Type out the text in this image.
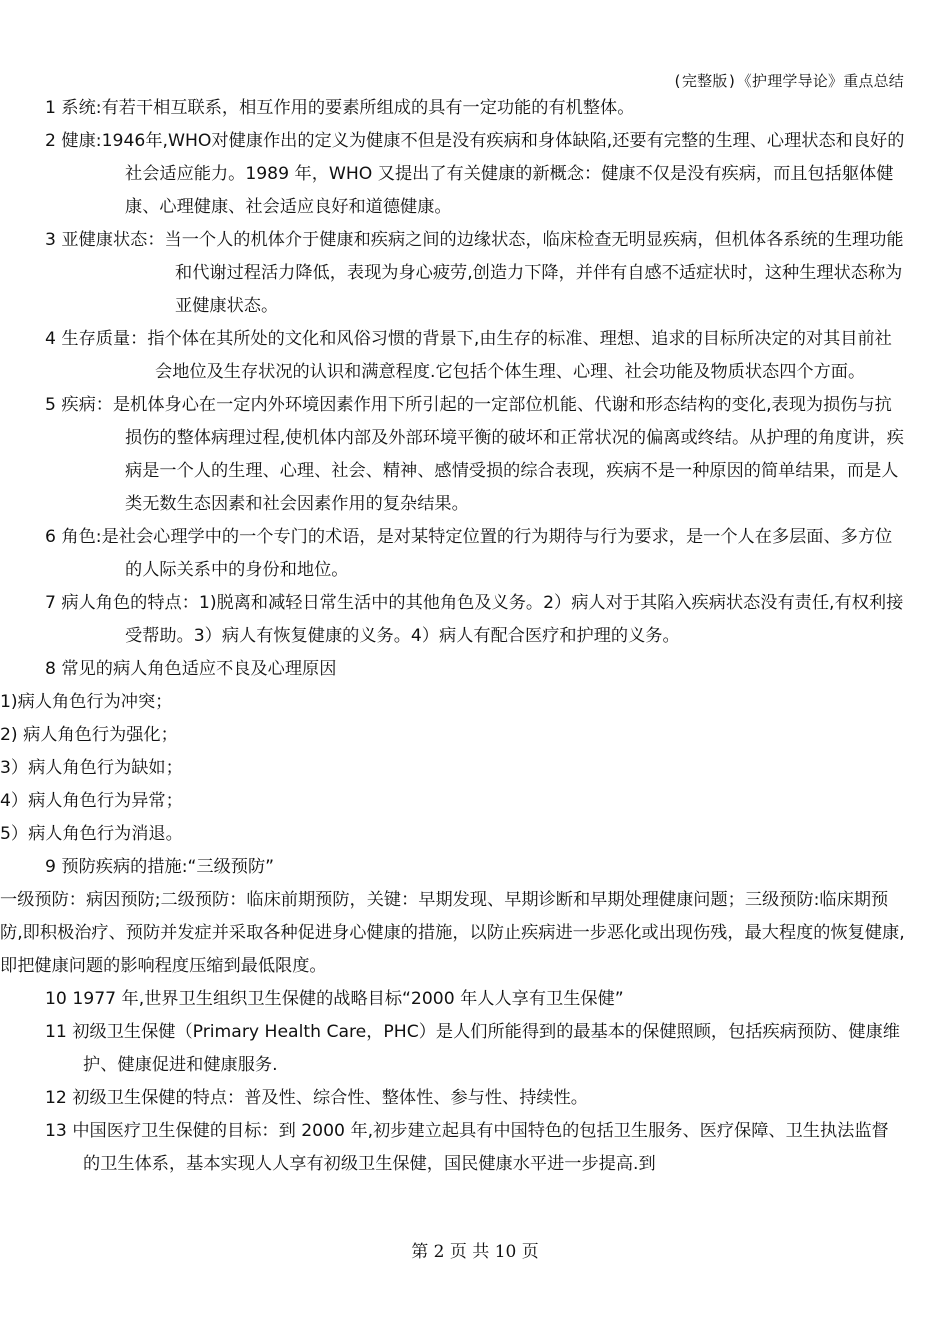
(完整版)《护理学导论》重点总结

1 系统:有若干相互联系，相互作用的要素所组成的具有一定功能的有机整体。

2 健康:1946年,WHO对健康作出的定义为健康不但是没有疾病和身体缺陷,还要有完整的生理、心理状态和良好的社会适应能力。1989 年，WHO 又提出了有关健康的新概念：健康不仅是没有疾病，而且包括躯体健康、心理健康、社会适应良好和道德健康。

3 亚健康状态：当一个人的机体介于健康和疾病之间的边缘状态，临床检查无明显疾病，但机体各系统的生理功能和代谢过程活力降低，表现为身心疲劳,创造力下降，并伴有自感不适症状时，这种生理状态称为亚健康状态。

4 生存质量：指个体在其所处的文化和风俗习惯的背景下,由生存的标准、理想、追求的目标所决定的对其目前社会地位及生存状况的认识和满意程度.它包括个体生理、心理、社会功能及物质状态四个方面。

5 疾病：是机体身心在一定内外环境因素作用下所引起的一定部位机能、代谢和形态结构的变化,表现为损伤与抗损伤的整体病理过程,使机体内部及外部环境平衡的破坏和正常状况的偏离或终结。从护理的角度讲，疾病是一个人的生理、心理、社会、精神、感情受损的综合表现，疾病不是一种原因的简单结果，而是人类无数生态因素和社会因素作用的复杂结果。

6 角色:是社会心理学中的一个专门的术语，是对某特定位置的行为期待与行为要求，是一个人在多层面、多方位的人际关系中的身份和地位。

7 病人角色的特点：1)脱离和减轻日常生活中的其他角色及义务。2）病人对于其陷入疾病状态没有责任,有权利接受帮助。3）病人有恢复健康的义务。4）病人有配合医疗和护理的义务。

8 常见的病人角色适应不良及心理原因

1)病人角色行为冲突；

2) 病人角色行为强化；

3）病人角色行为缺如；

4）病人角色行为异常；

5）病人角色行为消退。

9 预防疾病的措施:“三级预防”

一级预防：病因预防;二级预防：临床前期预防，关键：早期发现、早期诊断和早期处理健康问题；三级预防:临床期预防,即积极治疗、预防并发症并采取各种促进身心健康的措施，以防止疾病进一步恶化或出现伤残，最大程度的恢复健康,即把健康问题的影响程度压缩到最低限度。

10 1977 年,世界卫生组织卫生保健的战略目标“2000 年人人享有卫生保健”

11 初级卫生保健（Primary Health Care，PHC）是人们所能得到的最基本的保健照顾，包括疾病预防、健康维护、健康促进和健康服务.

12 初级卫生保健的特点：普及性、综合性、整体性、参与性、持续性。

13 中国医疗卫生保健的目标：到 2000 年,初步建立起具有中国特色的包括卫生服务、医疗保障、卫生执法监督的卫生体系，基本实现人人享有初级卫生保健，国民健康水平进一步提高.到

第 2 页 共 10 页
